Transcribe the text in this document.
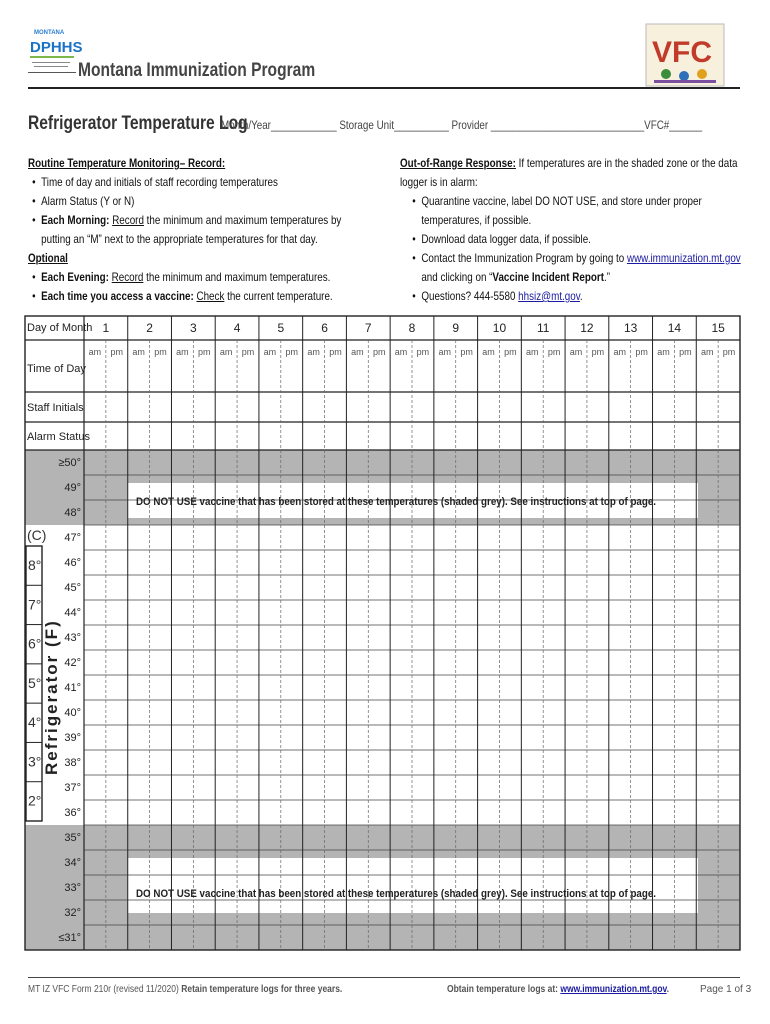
MONTANA
DPHHS
Montana Immunization Program
VFC
Refrigerator Temperature Log
Month/Year____________ Storage Unit__________ Provider ____________________________VFC#______
Routine Temperature Monitoring– Record:
• Time of day and initials of staff recording temperatures
• Alarm Status (Y or N)
• Each Morning: Record the minimum and maximum temperatures by
putting an “M” next to the appropriate temperatures for that day.
Optional
• Each Evening: Record the minimum and maximum temperatures.
• Each time you access a vaccine: Check the current temperature.
Out-of-Range Response: If temperatures are in the shaded zone or the data
logger is in alarm:
• Quarantine vaccine, label DO NOT USE, and store under proper
temperatures, if possible.
• Download data logger data, if possible.
• Contact the Immunization Program by going to www.immunization.mt.gov
and clicking on “Vaccine Incident Report.”
• Questions? 444-5580 hhsiz@mt.gov.
1
am pm
2
am pm
3
am pm
4
am pm
5
am pm
6
am pm
7
am pm
8
am pm
9
am pm
10
am pm
11
am pm
12
am pm
13
am pm
14
am pm
15
am pm
Day of Month
Time of Day
Staff Initials
Alarm Status
≥50°
49°
48°
47°
46°
45°
44°
43°
42°
41°
40°
39°
38°
37°
36°
35°
34°
33°
32°
≤31°
(C)
8°
7°
6°
5°
4°
3°
2°
Refrigerator (F)
DO NOT USE vaccine that has been stored at these temperatures (shaded grey). See instructions at top of page.
DO NOT USE vaccine that has been stored at these temperatures (shaded grey). See instructions at top of page.
MT IZ VFC Form 210r (revised 11/2020) Retain temperature logs for three years.	Obtain temperature logs at: www.immunization.mt.gov.	Page 1 of 3
